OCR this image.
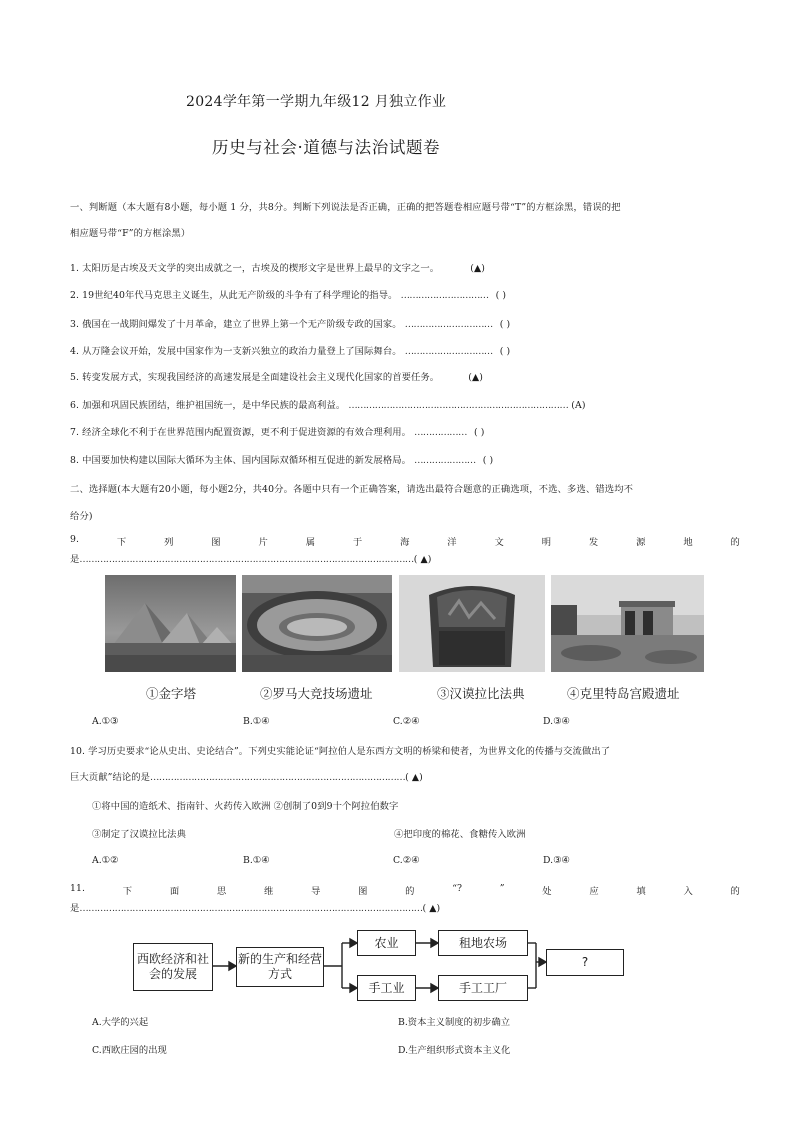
2024学年第一学期九年级12 月独立作业
历史与社会·道德与法治试题卷
一、判断题（本大题有8小题，每小题 1 分，共8分。判断下列说法是否正确，正确的把答题卷相应题号带“T”的方框涂黑，错误的把
相应题号带“F”的方框涂黑）
1. 太阳历是古埃及天文学的突出成就之一，古埃及的楔形文字是世界上最早的文字之一。	(▲)
2. 19世纪40年代马克思主义诞生，从此无产阶级的斗争有了科学理论的指导。 ………………………… ( )
3. 俄国在一战期间爆发了十月革命，建立了世界上第一个无产阶级专政的国家。 ………………………… ( )
4. 从万隆会议开始，发展中国家作为一支新兴独立的政治力量登上了国际舞台。 ………………………… ( )
5. 转变发展方式，实现我国经济的高速发展是全面建设社会主义现代化国家的首要任务。	(▲)
6. 加强和巩固民族团结，维护祖国统一，是中华民族的最高利益。 ………………………………………………………………… (A)
7. 经济全球化不利于在世界范围内配置资源，更不利于促进资源的有效合理利用。 ……………… ( )
8. 中国要加快构建以国际大循环为主体、国内国际双循环相互促进的新发展格局。 ………………… ( )
二、选择题(本大题有20小题，每小题2分，共40分。各题中只有一个正确答案，请选出最符合题意的正确选项，不选、多选、错选均不
给分)
9.	下	列	图	片	属	于	海	洋	文	明	发	源	地	的
是……………………………………………………………………………………………………( ▲)
①金字塔	②罗马大竞技场遗址	③汉谟拉比法典	④克里特岛宫殿遗址
A.①③	B.①④	C.②④	D.③④
10. 学习历史要求“论从史出、史论结合”。下列史实能论证“阿拉伯人是东西方文明的桥梁和使者，为世界文化的传播与交流做出了
巨大贡献”结论的是……………………………………………………………………………( ▲)
①将中国的造纸术、指南针、火药传入欧洲 ②创制了0到9十个阿拉伯数字
③制定了汉谟拉比法典	④把印度的棉花、食糖传入欧洲
A.①②	B.①④	C.②④	D.③④
11.	下	面	思	维	导	图	的	“?	”	处	应	填	入	的
是………………………………………………………………………………………………………( ▲)
西欧经济和社会的发展
新的生产和经营方式
农业	租地农场
手工业	手工工厂
?
A.大学的兴起	B.资本主义制度的初步确立
C.西欧庄园的出现	D.生产组织形式资本主义化
